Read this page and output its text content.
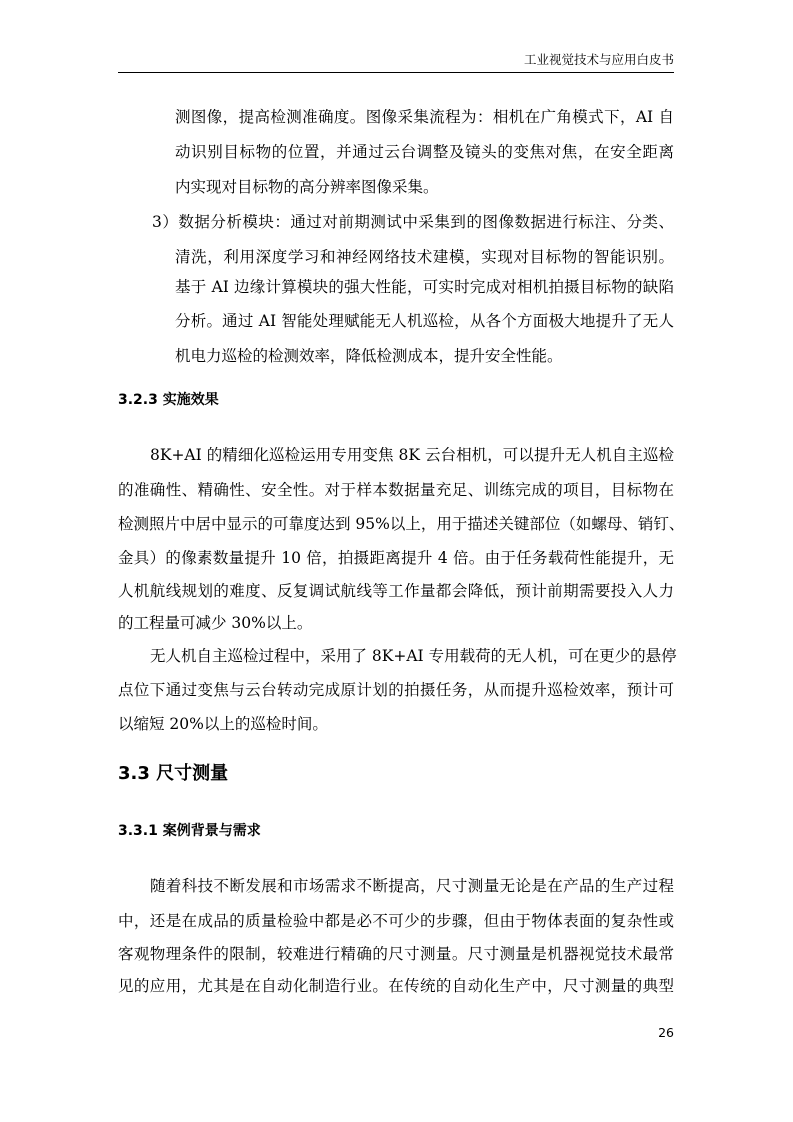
工业视觉技术与应用白皮书

测图像，提高检测准确度。图像采集流程为：相机在广角模式下，AI 自

动识别目标物的位置，并通过云台调整及镜头的变焦对焦，在安全距离

内实现对目标物的高分辨率图像采集。

3）数据分析模块：通过对前期测试中采集到的图像数据进行标注、分类、

清洗，利用深度学习和神经网络技术建模，实现对目标物的智能识别。

基于 AI 边缘计算模块的强大性能，可实时完成对相机拍摄目标物的缺陷

分析。通过 AI 智能处理赋能无人机巡检，从各个方面极大地提升了无人

机电力巡检的检测效率，降低检测成本，提升安全性能。

3.2.3 实施效果

8K+AI 的精细化巡检运用专用变焦 8K 云台相机，可以提升无人机自主巡检

的准确性、精确性、安全性。对于样本数据量充足、训练完成的项目，目标物在

检测照片中居中显示的可靠度达到 95%以上，用于描述关键部位（如螺母、销钉、

金具）的像素数量提升 10 倍，拍摄距离提升 4 倍。由于任务载荷性能提升，无

人机航线规划的难度、反复调试航线等工作量都会降低，预计前期需要投入人力

的工程量可减少 30%以上。

无人机自主巡检过程中，采用了 8K+AI 专用载荷的无人机，可在更少的悬停

点位下通过变焦与云台转动完成原计划的拍摄任务，从而提升巡检效率，预计可

以缩短 20%以上的巡检时间。

3.3 尺寸测量
3.3.1 案例背景与需求

随着科技不断发展和市场需求不断提高，尺寸测量无论是在产品的生产过程

中，还是在成品的质量检验中都是必不可少的步骤，但由于物体表面的复杂性或

客观物理条件的限制，较难进行精确的尺寸测量。尺寸测量是机器视觉技术最常

见的应用，尤其是在自动化制造行业。在传统的自动化生产中，尺寸测量的典型

26
